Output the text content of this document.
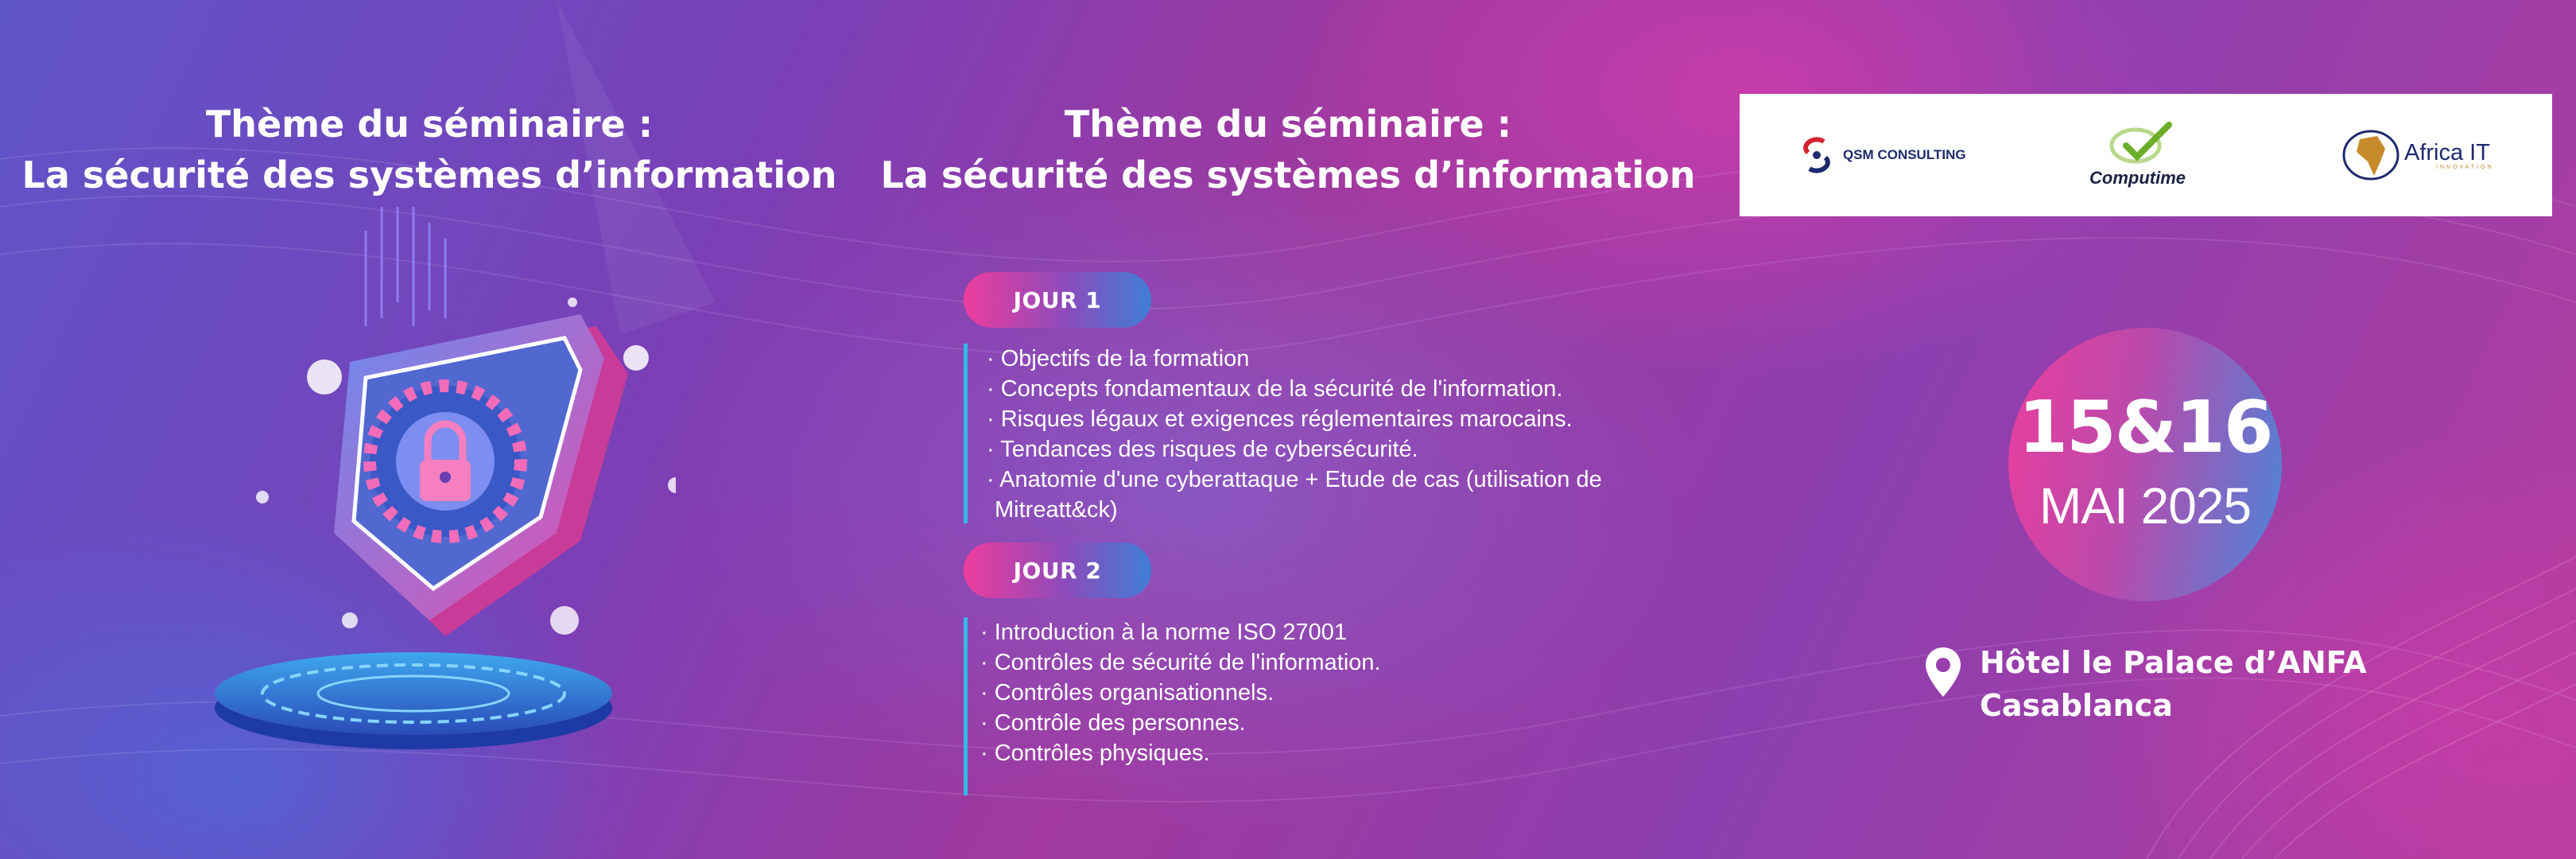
Thème du séminaire :
La sécurité des systèmes d’information
Thème du séminaire :
La sécurité des systèmes d’information	QSM CONSULTING
Computime
Africa IT
INNOVATION
JOUR 1
· Objectifs de la formation
· Concepts fondamentaux de la sécurité de l'information.
· Risques légaux et exigences réglementaires marocains.
· Tendances des risques de cybersécurité.
· Anatomie d'une cyberattaque + Etude de cas (utilisation de Mitreatt&ck)
JOUR 2
· Introduction à la norme ISO 27001
· Contrôles de sécurité de l'information.
· Contrôles organisationnels.
· Contrôle des personnes.
· Contrôles physiques.
15&16
MAI 2025
Hôtel le Palace d’ANFA
Casablanca
